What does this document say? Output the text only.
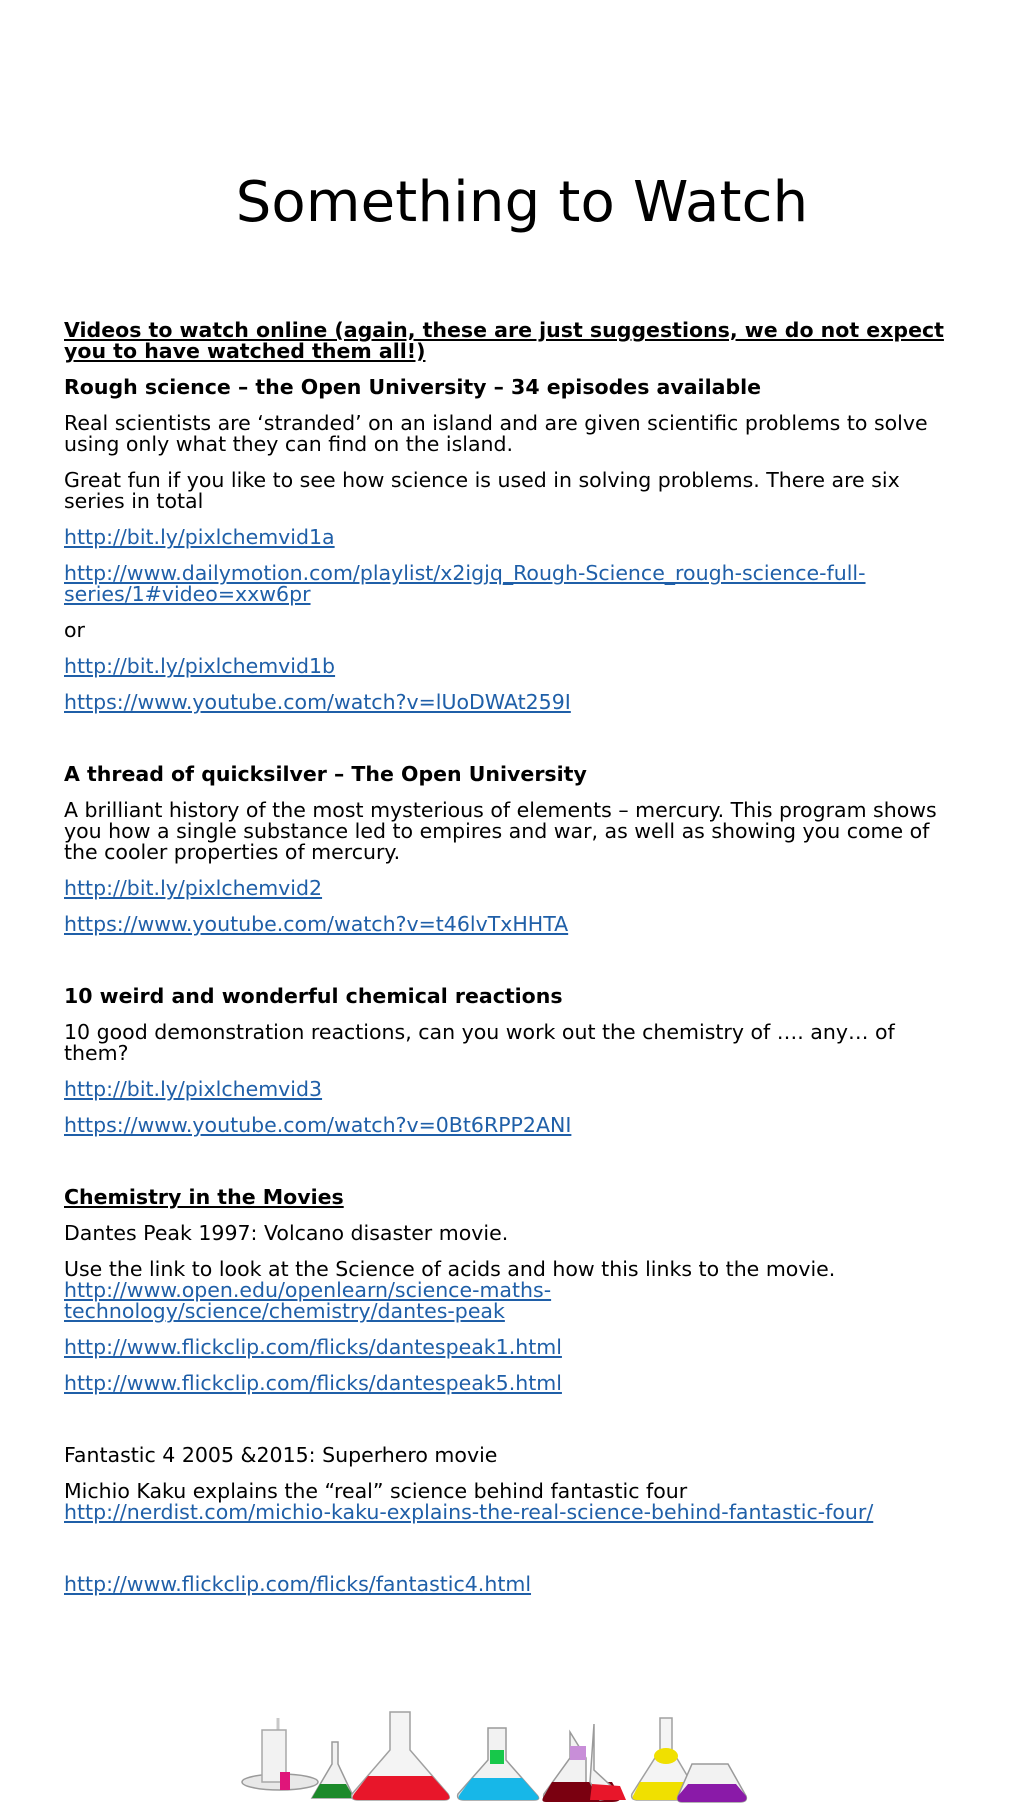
Something to Watch

Videos to watch online (again, these are just suggestions, we do not expect you to have watched them all!)

Rough science – the Open University – 34 episodes available

Real scientists are ‘stranded’ on an island and are given scientific problems to solve using only what they can find on the island.

Great fun if you like to see how science is used in solving problems. There are six series in total

http://bit.ly/pixlchemvid1a

http://www.dailymotion.com/playlist/x2igjq_Rough-Science_rough-science-full-series/1#video=xxw6pr

or

http://bit.ly/pixlchemvid1b

https://www.youtube.com/watch?v=lUoDWAt259I

A thread of quicksilver – The Open University

A brilliant history of the most mysterious of elements – mercury. This program shows you how a single substance led to empires and war, as well as showing you come of the cooler properties of mercury.

http://bit.ly/pixlchemvid2

https://www.youtube.com/watch?v=t46lvTxHHTA

10 weird and wonderful chemical reactions

10 good demonstration reactions, can you work out the chemistry of …. any… of them?

http://bit.ly/pixlchemvid3

https://www.youtube.com/watch?v=0Bt6RPP2ANI

Chemistry in the Movies

Dantes Peak 1997: Volcano disaster movie.

Use the link to look at the Science of acids and how this links to the movie.
http://www.open.edu/openlearn/science-maths-technology/science/chemistry/dantes-peak

http://www.flickclip.com/flicks/dantespeak1.html

http://www.flickclip.com/flicks/dantespeak5.html

Fantastic 4 2005 &2015: Superhero movie

Michio Kaku explains the “real” science behind fantastic four
http://nerdist.com/michio-kaku-explains-the-real-science-behind-fantastic-four/

http://www.flickclip.com/flicks/fantastic4.html
